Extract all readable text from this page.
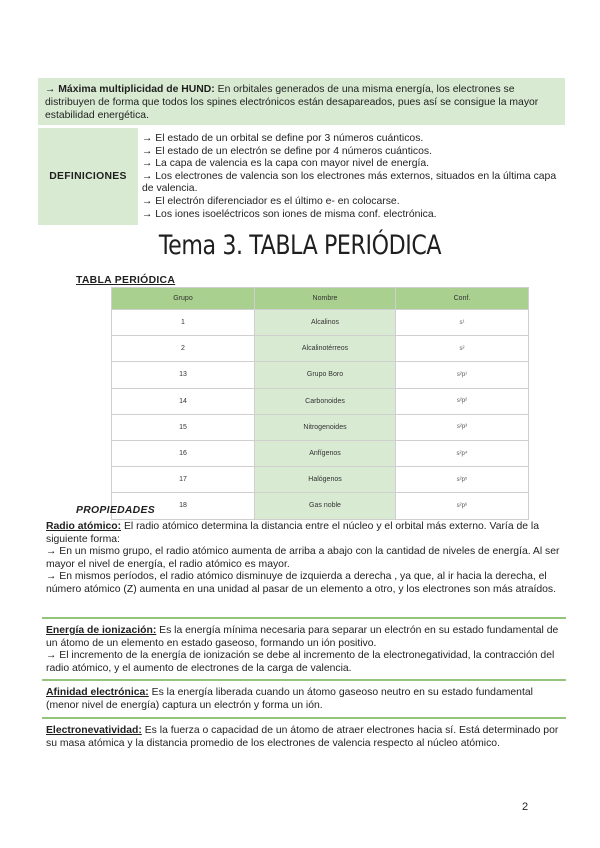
→ Máxima multiplicidad de HUND: En orbitales generados de una misma energía, los electrones se distribuyen de forma que todos los spines electrónicos están desapareados, pues así se consigue la mayor estabilidad energética.
DEFINICIONES
→ El estado de un orbital se define por 3 números cuánticos.
→ El estado de un electrón se define por 4 números cuánticos.
→ La capa de valencia es la capa con mayor nivel de energía.
→ Los electrones de valencia son los electrones más externos, situados en la última capa de valencia.
→ El electrón diferenciador es el último e- en colocarse.
→ Los iones isoeléctricos son iones de misma conf. electrónica.
Tema 3. TABLA PERIÓDICA
TABLA PERIÓDICA
Grupo	Nombre	Conf.
1	Alcalinos	s¹
2	Alcalinotérreos	s²
13	Grupo Boro	s²p¹
14	Carbonoides	s²p²
15	Nitrogenoides	s²p³
16	Anfígenos	s²p⁴
17	Halógenos	s²p⁵
18	Gas noble	s²p⁶
PROPIEDADES
Radio atómico: El radio atómico determina la distancia entre el núcleo y el orbital más externo. Varía de la siguiente forma:
→ En un mismo grupo, el radio atómico aumenta de arriba a abajo con la cantidad de niveles de energía. Al ser mayor el nivel de energía, el radio atómico es mayor.
→ En mismos períodos, el radio atómico disminuye de izquierda a derecha , ya que, al ir hacia la derecha, el número atómico (Z) aumenta en una unidad al pasar de un elemento a otro, y los electrones son más atraídos.
Energía de ionización: Es la energía mínima necesaria para separar un electrón en su estado fundamental de un átomo de un elemento en estado gaseoso, formando un ión positivo.
→ El incremento de la energía de ionización se debe al incremento de la electronegatividad, la contracción del radio atómico, y el aumento de electrones de la carga de valencia.
Afinidad electrónica: Es la energía liberada cuando un átomo gaseoso neutro en su estado fundamental (menor nivel de energía) captura un electrón y forma un ión.
Electronevatividad: Es la fuerza o capacidad de un átomo de atraer electrones hacia sí. Está determinado por su masa atómica y la distancia promedio de los electrones de valencia respecto al núcleo atómico.
2
